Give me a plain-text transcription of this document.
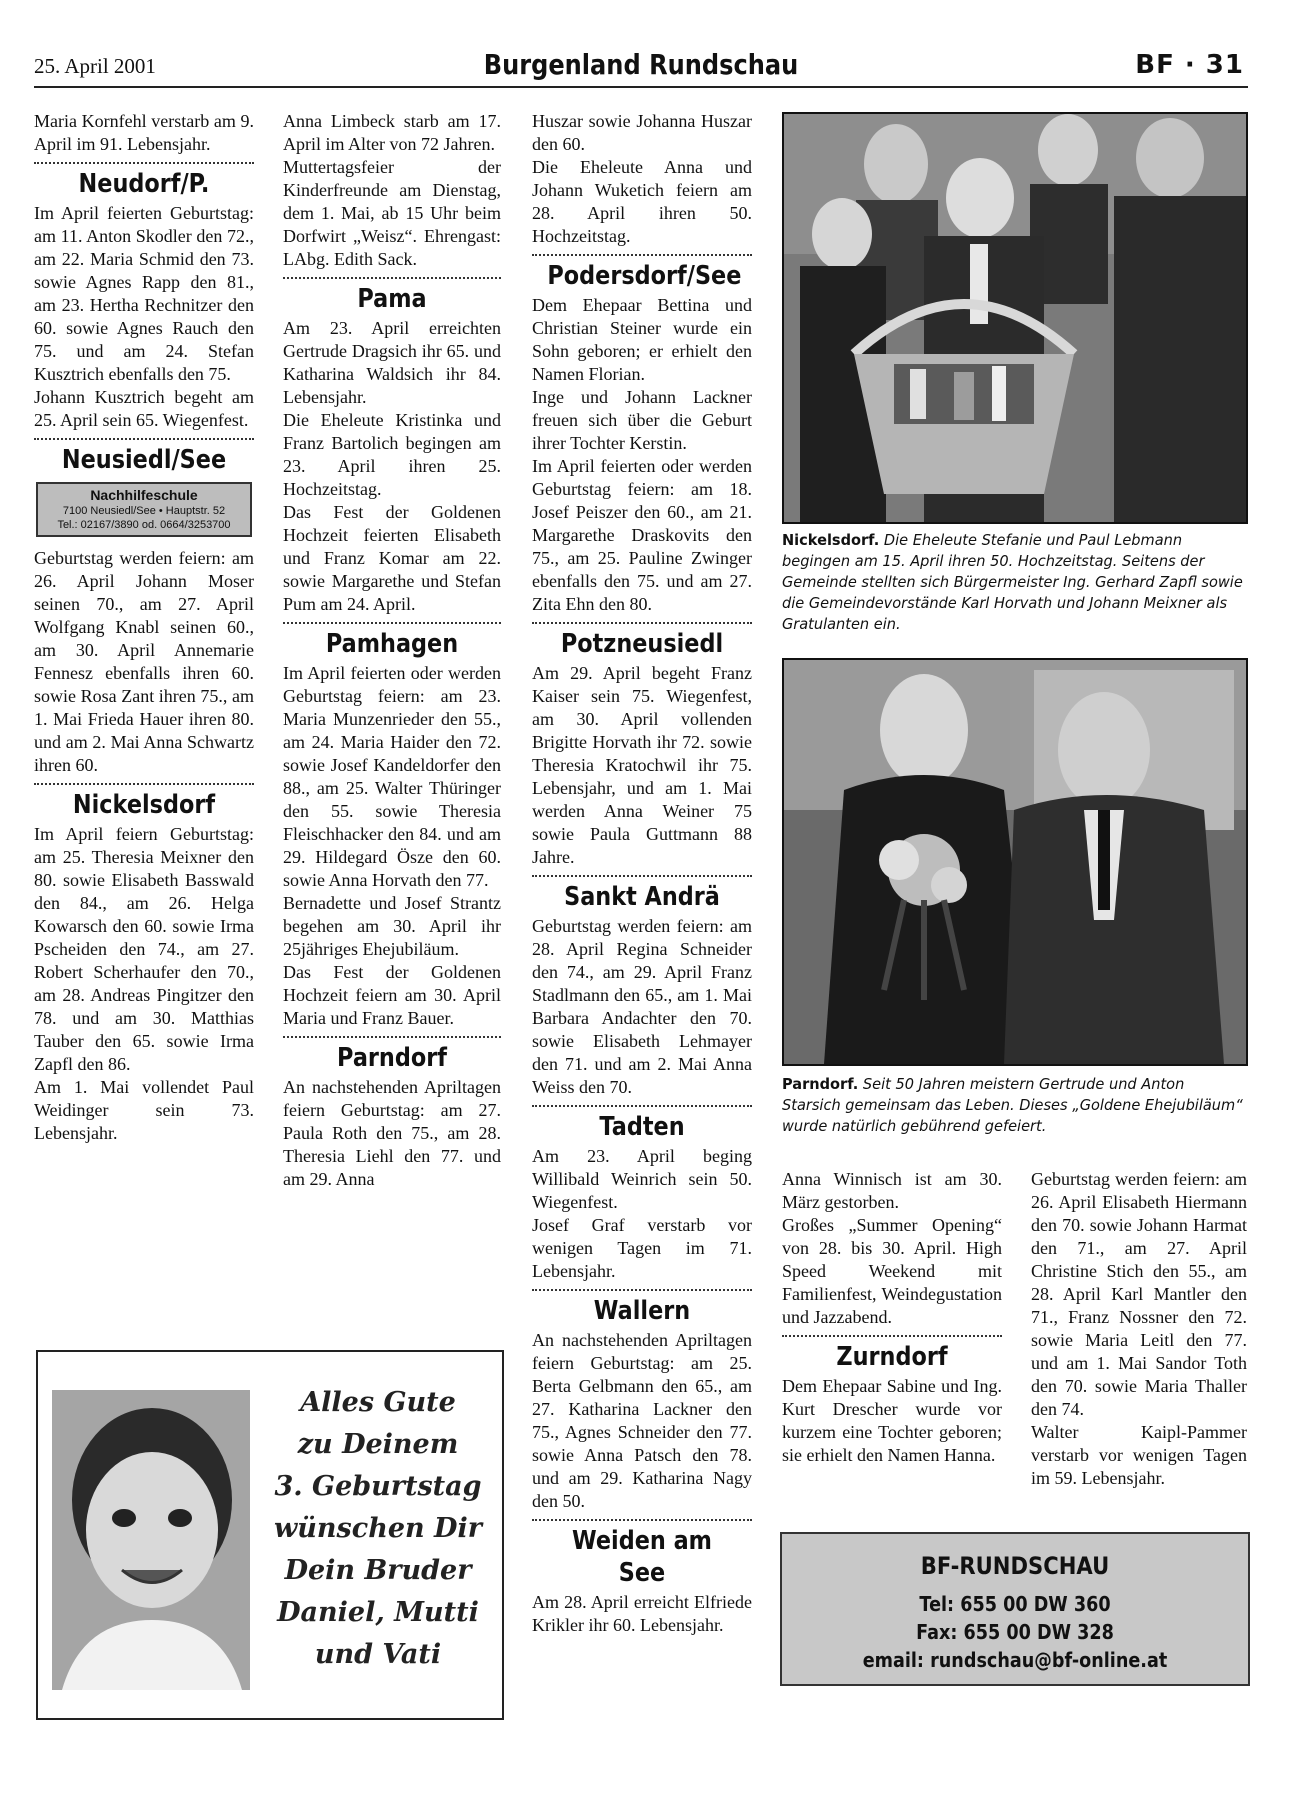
25. April 2001	Burgenland Rundschau	BF · 31

Maria Kornfehl verstarb am 9. April im 91. Lebensjahr.

Neudorf/P.

Im April feierten Geburtstag: am 11. Anton Skodler den 72., am 22. Maria Schmid den 73. sowie Agnes Rapp den 81., am 23. Hertha Rechnitzer den 60. sowie Agnes Rauch den 75. und am 24. Stefan Kusztrich ebenfalls den 75.

Johann Kusztrich begeht am 25. April sein 65. Wiegenfest.

Neusiedl/See
Nachhilfeschule
7100 Neusiedl/See • Hauptstr. 52
Tel.: 02167/3890 od. 0664/3253700

Geburtstag werden feiern: am 26. April Johann Moser seinen 70., am 27. April Wolfgang Knabl seinen 60., am 30. April Annemarie Fennesz ebenfalls ihren 60. sowie Rosa Zant ihren 75., am 1. Mai Frieda Hauer ihren 80. und am 2. Mai Anna Schwartz ihren 60.

Nickelsdorf

Im April feiern Geburtstag: am 25. Theresia Meixner den 80. sowie Elisabeth Basswald den 84., am 26. Helga Kowarsch den 60. sowie Irma Pscheiden den 74., am 27. Robert Scherhaufer den 70., am 28. Andreas Pingitzer den 78. und am 30. Matthias Tauber den 65. sowie Irma Zapfl den 86.

Am 1. Mai vollendet Paul Weidinger sein 73. Lebensjahr.

Anna Limbeck starb am 17. April im Alter von 72 Jahren.

Muttertagsfeier der Kinderfreunde am Dienstag, dem 1. Mai, ab 15 Uhr beim Dorfwirt „Weisz“. Ehrengast: LAbg. Edith Sack.

Pama

Am 23. April erreichten Gertrude Dragsich ihr 65. und Katharina Waldsich ihr 84. Lebensjahr.

Die Eheleute Kristinka und Franz Bartolich begingen am 23. April ihren 25. Hochzeitstag.

Das Fest der Goldenen Hochzeit feierten Elisabeth und Franz Komar am 22. sowie Margarethe und Stefan Pum am 24. April.

Pamhagen

Im April feierten oder werden Geburtstag feiern: am 23. Maria Munzenrieder den 55., am 24. Maria Haider den 72. sowie Josef Kandeldorfer den 88., am 25. Walter Thüringer den 55. sowie Theresia Fleischhacker den 84. und am 29. Hildegard Ösze den 60. sowie Anna Horvath den 77.

Bernadette und Josef Strantz begehen am 30. April ihr 25jähriges Ehejubiläum.

Das Fest der Goldenen Hochzeit feiern am 30. April Maria und Franz Bauer.

Parndorf

An nachstehenden Apriltagen feiern Geburtstag: am 27. Paula Roth den 75., am 28. Theresia Liehl den 77. und am 29. Anna

Huszar sowie Johanna Huszar den 60.

Die Eheleute Anna und Johann Wuketich feiern am 28. April ihren 50. Hochzeitstag.

Podersdorf/See

Dem Ehepaar Bettina und Christian Steiner wurde ein Sohn geboren; er erhielt den Namen Florian.

Inge und Johann Lackner freuen sich über die Geburt ihrer Tochter Kerstin.

Im April feierten oder werden Geburtstag feiern: am 18. Josef Peiszer den 60., am 21. Margarethe Draskovits den 75., am 25. Pauline Zwinger ebenfalls den 75. und am 27. Zita Ehn den 80.

Potzneusiedl

Am 29. April begeht Franz Kaiser sein 75. Wiegenfest, am 30. April vollenden Brigitte Horvath ihr 72. sowie Theresia Kratochwil ihr 75. Lebensjahr, und am 1. Mai werden Anna Weiner 75 sowie Paula Guttmann 88 Jahre.

Sankt Andrä

Geburtstag werden feiern: am 28. April Regina Schneider den 74., am 29. April Franz Stadlmann den 65., am 1. Mai Barbara Andachter den 70. sowie Elisabeth Lehmayer den 71. und am 2. Mai Anna Weiss den 70.

Tadten

Am 23. April beging Willibald Weinrich sein 50. Wiegenfest.

Josef Graf verstarb vor wenigen Tagen im 71. Lebensjahr.

Wallern

An nachstehenden Apriltagen feiern Geburtstag: am 25. Berta Gelbmann den 65., am 27. Katharina Lackner den 75., Agnes Schneider den 77. sowie Anna Patsch den 78. und am 29. Katharina Nagy den 50.

Weiden am See

Am 28. April erreicht Elfriede Krikler ihr 60. Lebensjahr.

Nickelsdorf. Die Eheleute Stefanie und Paul Lebmann begingen am 15. April ihren 50. Hochzeitstag. Seitens der Gemeinde stellten sich Bürgermeister Ing. Gerhard Zapfl sowie die Gemeindevorstände Karl Horvath und Johann Meixner als Gratulanten ein.
Parndorf. Seit 50 Jahren meistern Gertrude und Anton Starsich gemeinsam das Leben. Dieses „Goldene Ehejubiläum“ wurde natürlich gebührend gefeiert.

Anna Winnisch ist am 30. März gestorben.

Großes „Summer Opening“ von 28. bis 30. April. High Speed Weekend mit Familienfest, Weindegustation und Jazzabend.

Zurndorf

Dem Ehepaar Sabine und Ing. Kurt Drescher wurde vor kurzem eine Tochter geboren; sie erhielt den Namen Hanna.

Geburtstag werden feiern: am 26. April Elisabeth Hiermann den 70. sowie Johann Harmat den 71., am 27. April Christine Stich den 55., am 28. April Karl Mantler den 71., Franz Nossner den 72. sowie Maria Leitl den 77. und am 1. Mai Sandor Toth den 70. sowie Maria Thaller den 74.

Walter Kaipl-Pammer verstarb vor wenigen Tagen im 59. Lebensjahr.

Alles Gute
zu Deinem
3. Geburtstag
wünschen Dir
Dein Bruder
Daniel, Mutti
und Vati
BF-RUNDSCHAU
Tel: 655 00 DW 360
Fax: 655 00 DW 328
email: rundschau@bf-online.at
